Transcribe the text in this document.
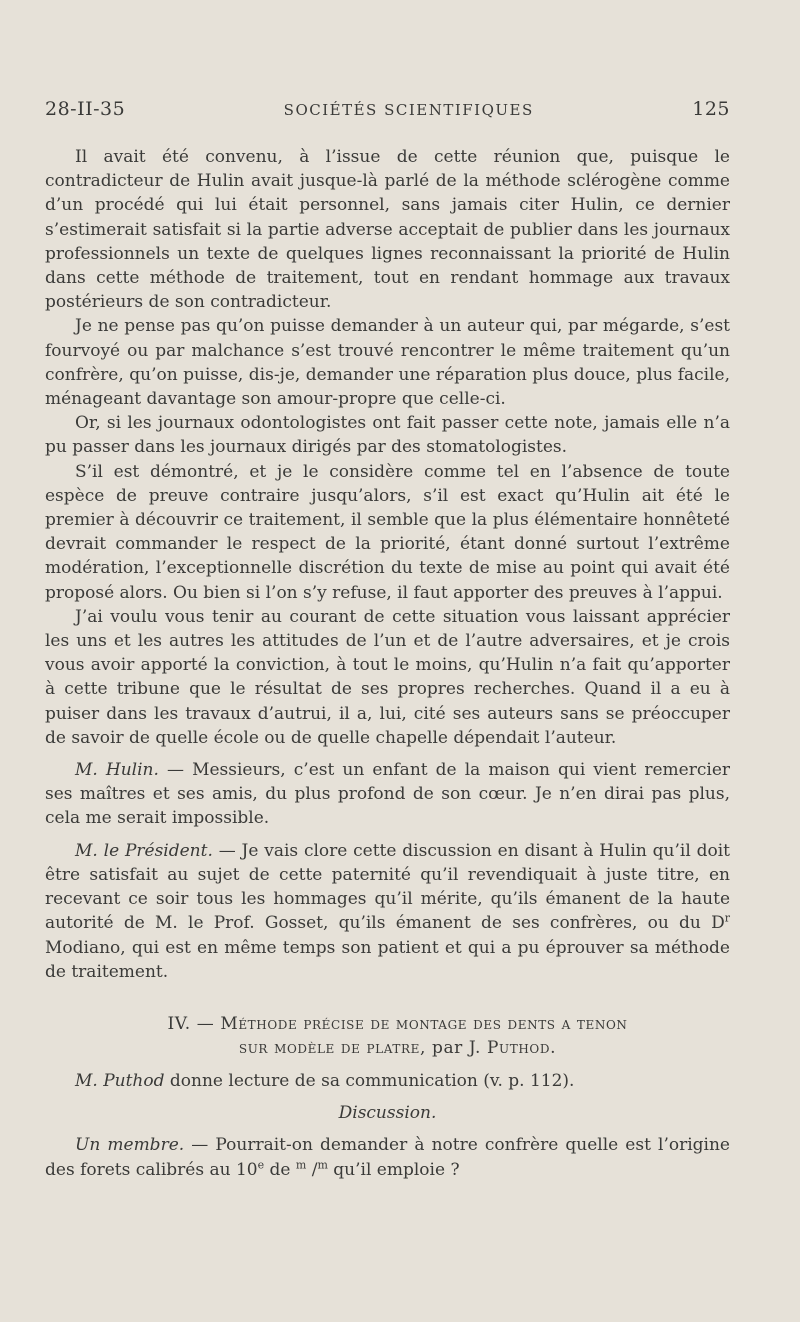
28-II-35	SOCIÉTÉS SCIENTIFIQUES	125

Il avait été convenu, à l’issue de cette réunion que, puisque le contradicteur de Hulin avait jusque-là parlé de la méthode sclérogène comme d’un procédé qui lui était personnel, sans jamais citer Hulin, ce dernier s’estimerait satisfait si la partie adverse acceptait de publier dans les journaux professionnels un texte de quelques lignes reconnaissant la priorité de Hulin dans cette méthode de traitement, tout en rendant hommage aux travaux postérieurs de son contradicteur.

Je ne pense pas qu’on puisse demander à un auteur qui, par mégarde, s’est fourvoyé ou par malchance s’est trouvé rencontrer le même traitement qu’un confrère, qu’on puisse, dis-je, demander une réparation plus douce, plus facile, ménageant davantage son amour-propre que celle-ci.

Or, si les journaux odontologistes ont fait passer cette note, jamais elle n’a pu passer dans les journaux dirigés par des stomatologistes.

S’il est démontré, et je le considère comme tel en l’absence de toute espèce de preuve contraire jusqu’alors, s’il est exact qu’Hulin ait été le premier à découvrir ce traitement, il semble que la plus élémentaire honnêteté devrait commander le respect de la priorité, étant donné surtout l’extrême modération, l’exceptionnelle discrétion du texte de mise au point qui avait été proposé alors. Ou bien si l’on s’y refuse, il faut apporter des preuves à l’appui.

J’ai voulu vous tenir au courant de cette situation vous laissant apprécier les uns et les autres les attitudes de l’un et de l’autre adversaires, et je crois vous avoir apporté la conviction, à tout le moins, qu’Hulin n’a fait qu’apporter à cette tribune que le résultat de ses propres recherches. Quand il a eu à puiser dans les travaux d’autrui, il a, lui, cité ses auteurs sans se préoccuper de savoir de quelle école ou de quelle chapelle dépendait l’auteur.

M. Hulin. — Messieurs, c’est un enfant de la maison qui vient remercier ses maîtres et ses amis, du plus profond de son cœur. Je n’en dirai pas plus, cela me serait impossible.

M. le Président. — Je vais clore cette discussion en disant à Hulin qu’il doit être satisfait au sujet de cette paternité qu’il revendiquait à juste titre, en recevant ce soir tous les hommages qu’il mérite, qu’ils émanent de la haute autorité de M. le Prof. Gosset, qu’ils émanent de ses confrères, ou du $D^r$ Modiano, qui est en même temps son patient et qui a pu éprouver sa méthode de traitement.

IV. — Méthode précise de montage des dents a tenon
sur modèle de platre, par J. Puthod.

M. Puthod donne lecture de sa communication (v. p. 112).

Discussion.

Un membre. — Pourrait-on demander à notre confrère quelle est l’origine des forets calibrés au 10e de $^m$ /$^m$ qu’il emploie ?
